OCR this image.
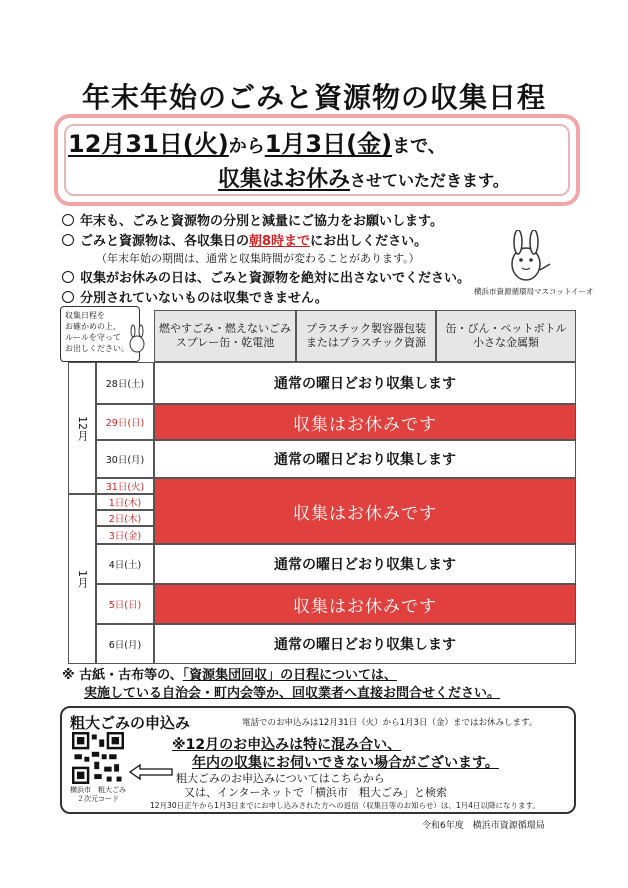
年末年始のごみと資源物の収集日程
12月31日(火)から1月3日(金)まで、
収集はお休みさせていただきます。
年末も、ごみと資源物の分別と減量にご協力をお願いします。
ごみと資源物は、各収集日の朝8時までにお出しください。
（年末年始の期間は、通常と収集時間が変わることがあります。）
収集がお休みの日は、ごみと資源物を絶対に出さないでください。
分別されていないものは収集できません。	横浜市資源循環局マスコットイーオ
収集日程を
お確かめの上、
ルールを守って
お出しください。
燃やすごみ・燃えないごみ
スプレー缶・乾電池
プラスチック製容器包装
またはプラスチック資源
缶・びん・ペットボトル
小さな金属類
12月
1月
28日(土)
29日(日)
30日(月)
31日(火)
1日(木)
2日(木)
3日(金)
4日(土)
5日(日)
6日(月)
通常の曜日どおり収集します
収集はお休みです
通常の曜日どおり収集します
収集はお休みです
通常の曜日どおり収集します
収集はお休みです
通常の曜日どおり収集します
※ 古紙・古布等の、「資源集団回収」の日程については、
実施している自治会・町内会等か、回収業者へ直接お問合せください。
粗大ごみの申込み	電話でのお申込みは12月31日（火）から1月3日（金）まではお休みします。
※12月のお申込みは特に混み合い、
年内の収集にお伺いできない場合がございます。
粗大ごみのお申込みについてはこちらから
又は、インターネットで「横浜市　粗大ごみ」と検索
12月30日正午から1月3日までにお申し込みされた方への返信（収集日等のお知らせ）は、1月4日以降になります。
横浜市　粗大ごみ
２次元コード
令和6年度　横浜市資源循環局
